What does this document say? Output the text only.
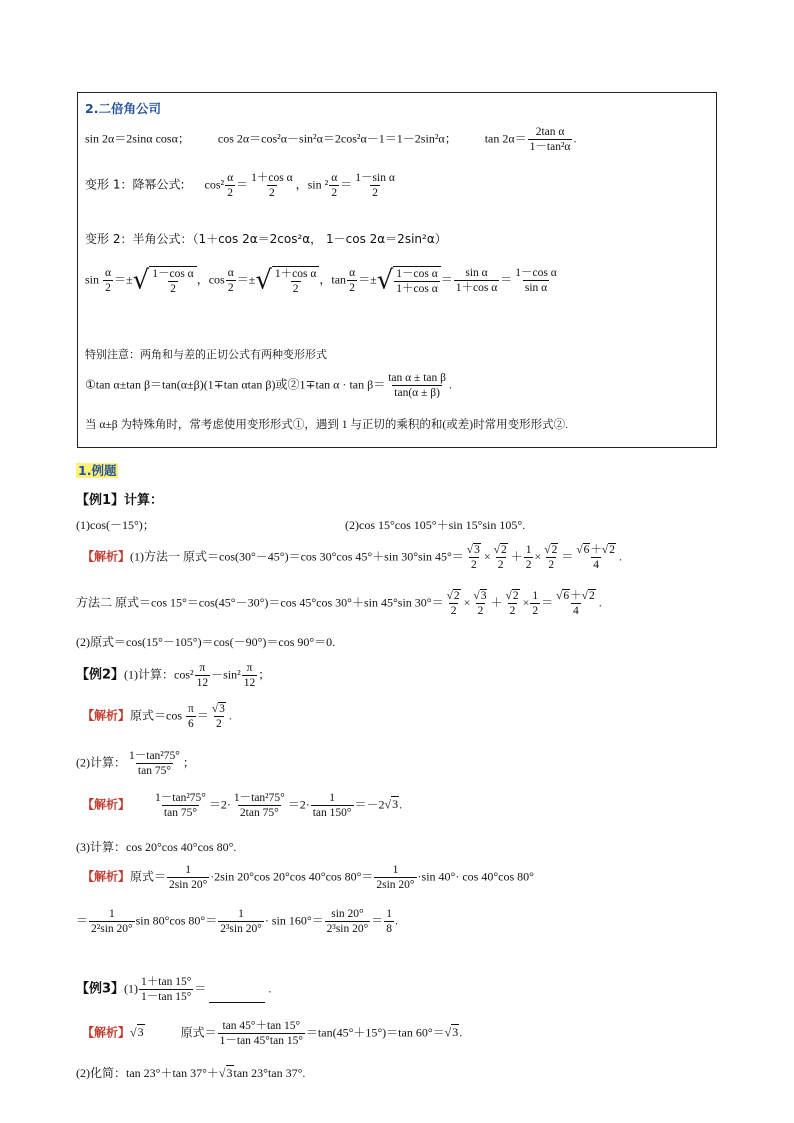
2.二倍角公司
sin 2α＝2sinα cosα； cos 2α＝cos²α－sin²α＝2cos²α－1＝1－2sin²α； $\tan 2\alpha= \frac{\text{2tan α}}{\text{1－tan²α}}$ .
变形 1：降幂公式: $\cos^2 \frac{\alpha}{2} = \frac{\text{1＋cos α}}{2}$ ，$\sin ^2 \frac{\alpha}{2} = \frac{\text{1－sin α}}{2}$
变形 2：半角公式：（1＋cos 2α＝2cos²α， 1－cos 2α＝2sin²α）
$\sin \frac{\alpha}{2}$ ＝±√ $\frac{\text{1－cos α}}{2}$ ，$\cos \frac{\alpha}{2}$ ＝±√ $\frac{\text{1＋cos α}}{2}$ ，$\tan \frac{\alpha}{2}$ ＝±√ $\frac{\text{1－cos α}}{\text{1＋cos α}} = \frac{\text{sin α}}{\text{1＋cos α}} = \frac{\text{1－cos α}}{\text{sin α}}$
特别注意：两角和与差的正切公式有两种变形形式
①tan α±tan β＝tan(α±β)(1∓tan αtan β)或②1∓tan $\alpha \cdot \tan \beta= \frac{\text{tan α ± tan β}}{\tan(\alpha \pm \beta)}$ .
当 α±β 为特殊角时，常考虑使用变形形式①，遇到 1 与正切的乘积的和(或差)时常用变形形式②.
1.例题
【例1】计算：
(1)cos(－15°)；	(2)cos 15°cos 105°＋sin 15°sin 105°.
【解析】(1)方法一 原式＝cos(30°－45°)＝cos 30°cos 45°＋sin 30°sin $45^\circ= \frac{√3}{2} \times \frac{√2}{2} + \frac{1}{2} \times \frac{√2}{2} = \frac{√6+√2}{4}$ .
方法二 原式＝cos 15°＝cos(45°－30°)＝cos 45°cos 30°＋sin 45°sin $30^\circ= \frac{√2}{2} \times \frac{√3}{2} + \frac{√2}{2} \times \frac{1}{2} = \frac{√6+√2}{4}$ .
(2)原式＝cos(15°－105°)＝cos(－90°)＝cos 90°＝0.
【例2】(1)计算：$\cos^2 \frac{\pi}{12} -\sin^2 \frac{\pi}{12}$ ；
【解析】原式$=\cos \frac{\pi}{6} = \frac{√3}{2}$ .
(2)计算： $\frac{\text{1－tan²75°}}{\tan 75^\circ}$ ；
【解析】 $\frac{\text{1－tan²75°}}{\tan 75^\circ} =2\cdot \frac{\text{1－tan²75°}}{2\tan 75^\circ} =2\cdot \frac{1}{\tan 150^\circ} =-2√3$.
(3)计算：cos 20°cos 40°cos 80°.
【解析】原式＝ $\frac{1}{2\sin 20^\circ} \cdot 2\sin$ 20°cos 20°cos 40°cos $80^\circ= \frac{1}{2\sin 20^\circ} \cdot\sin$ 40°· cos 40°cos 80°
＝ $\frac{1}{\text{2²sin 20°}}$ sin 80°cos $80^\circ= \frac{1}{\text{2³sin 20°}} \cdot \sin 160^\circ= \frac{\sin 20^\circ}{\text{2³sin 20°}} = \frac{1}{8}$ .
【例3】$(1) \frac{1+\tan 15^\circ}{1-\tan 15^\circ}$ ＝	.
【解析】√3	原式＝ $\frac{\tan 45^\circ+\tan 15^\circ}{1-\tan 45^\circ\tan 15^\circ} =\tan(45^\circ+15^\circ)=\tan$ 60°＝√3.
(2)化简：tan 23°＋tan 37°＋√3tan 23°tan 37°.
